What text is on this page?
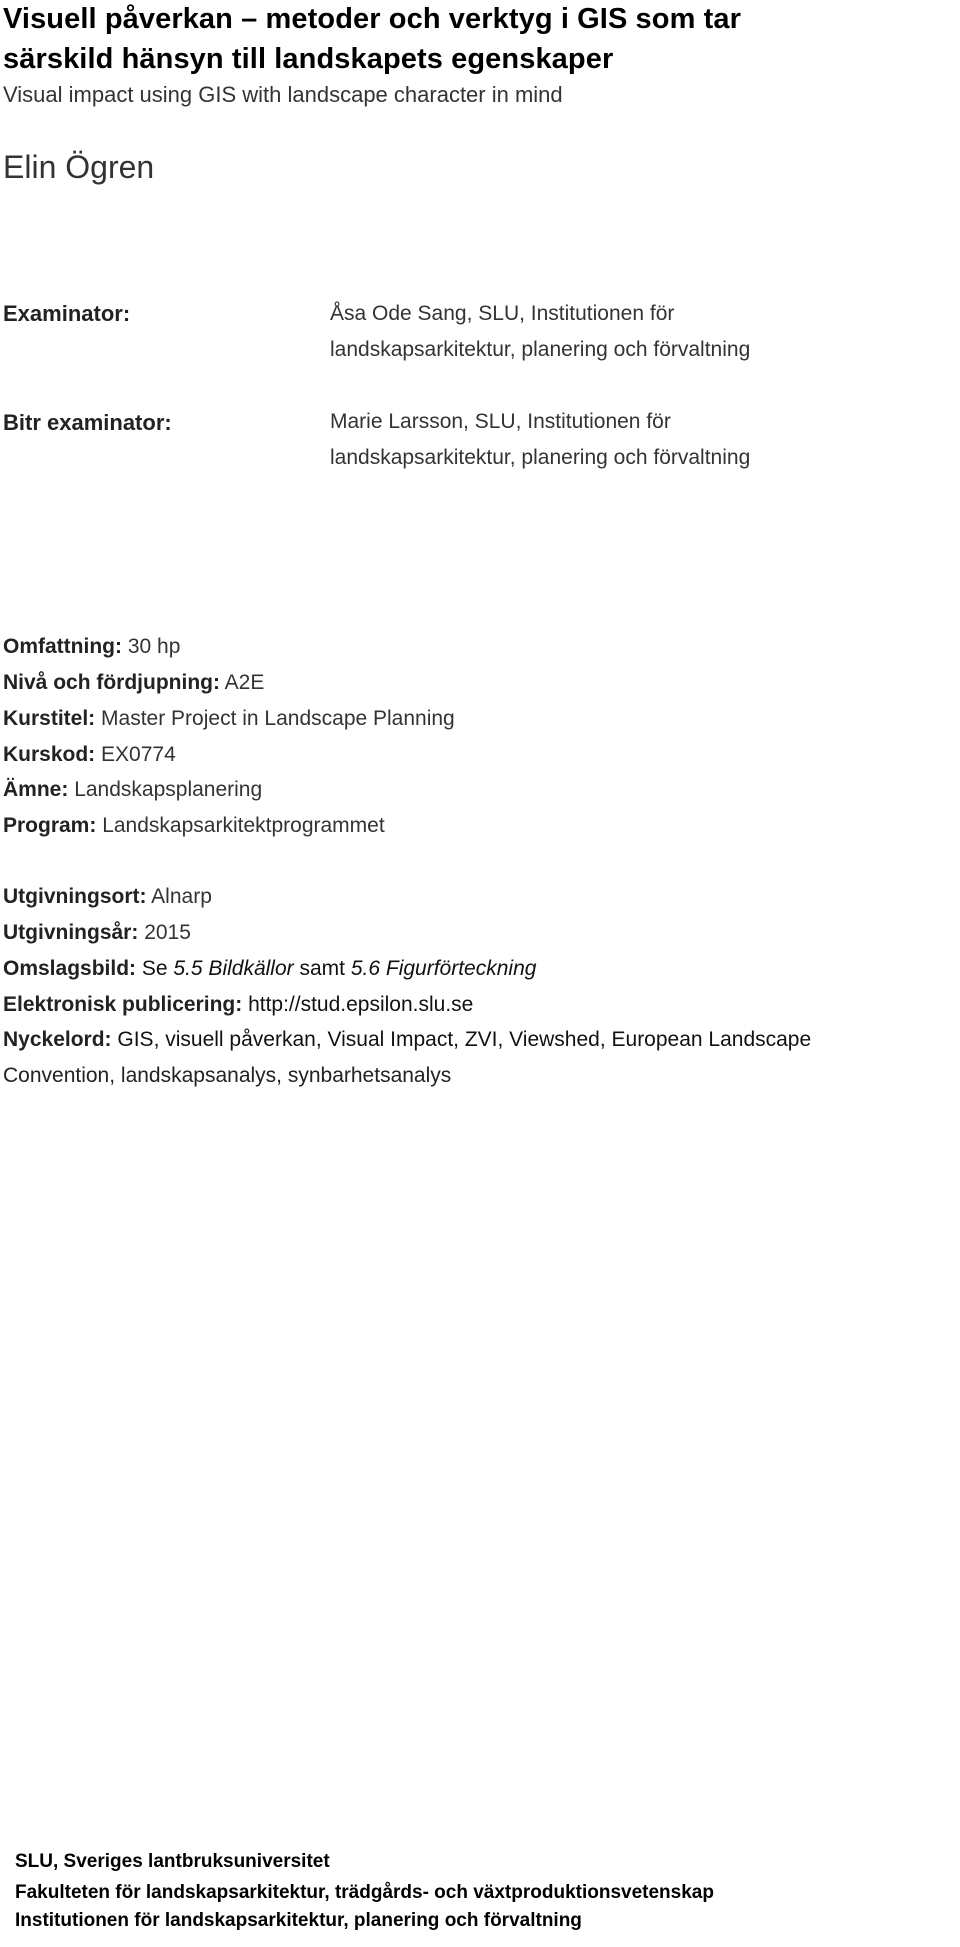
Visuell påverkan – metoder och verktyg i GIS som tar
särskild hänsyn till landskapets egenskaper
Visual impact using GIS with landscape character in mind
Elin Ögren
Examinator:	Åsa Ode Sang, SLU, Institutionen för
landskapsarkitektur, planering och förvaltning
Bitr examinator:	Marie Larsson, SLU, Institutionen för
landskapsarkitektur, planering och förvaltning
Omfattning: 30 hp
Nivå och fördjupning: A2E
Kurstitel: Master Project in Landscape Planning
Kurskod: EX0774
Ämne: Landskapsplanering
Program: Landskapsarkitektprogrammet
Utgivningsort: Alnarp
Utgivningsår: 2015
Omslagsbild: Se 5.5 Bildkällor samt 5.6 Figurförteckning
Elektronisk publicering: http://stud.epsilon.slu.se
Nyckelord: GIS, visuell påverkan, Visual Impact, ZVI, Viewshed, European Landscape
Convention, landskapsanalys, synbarhetsanalys
SLU, Sveriges lantbruksuniversitet
Fakulteten för landskapsarkitektur, trädgårds- och växtproduktionsvetenskap
Institutionen för landskapsarkitektur, planering och förvaltning
